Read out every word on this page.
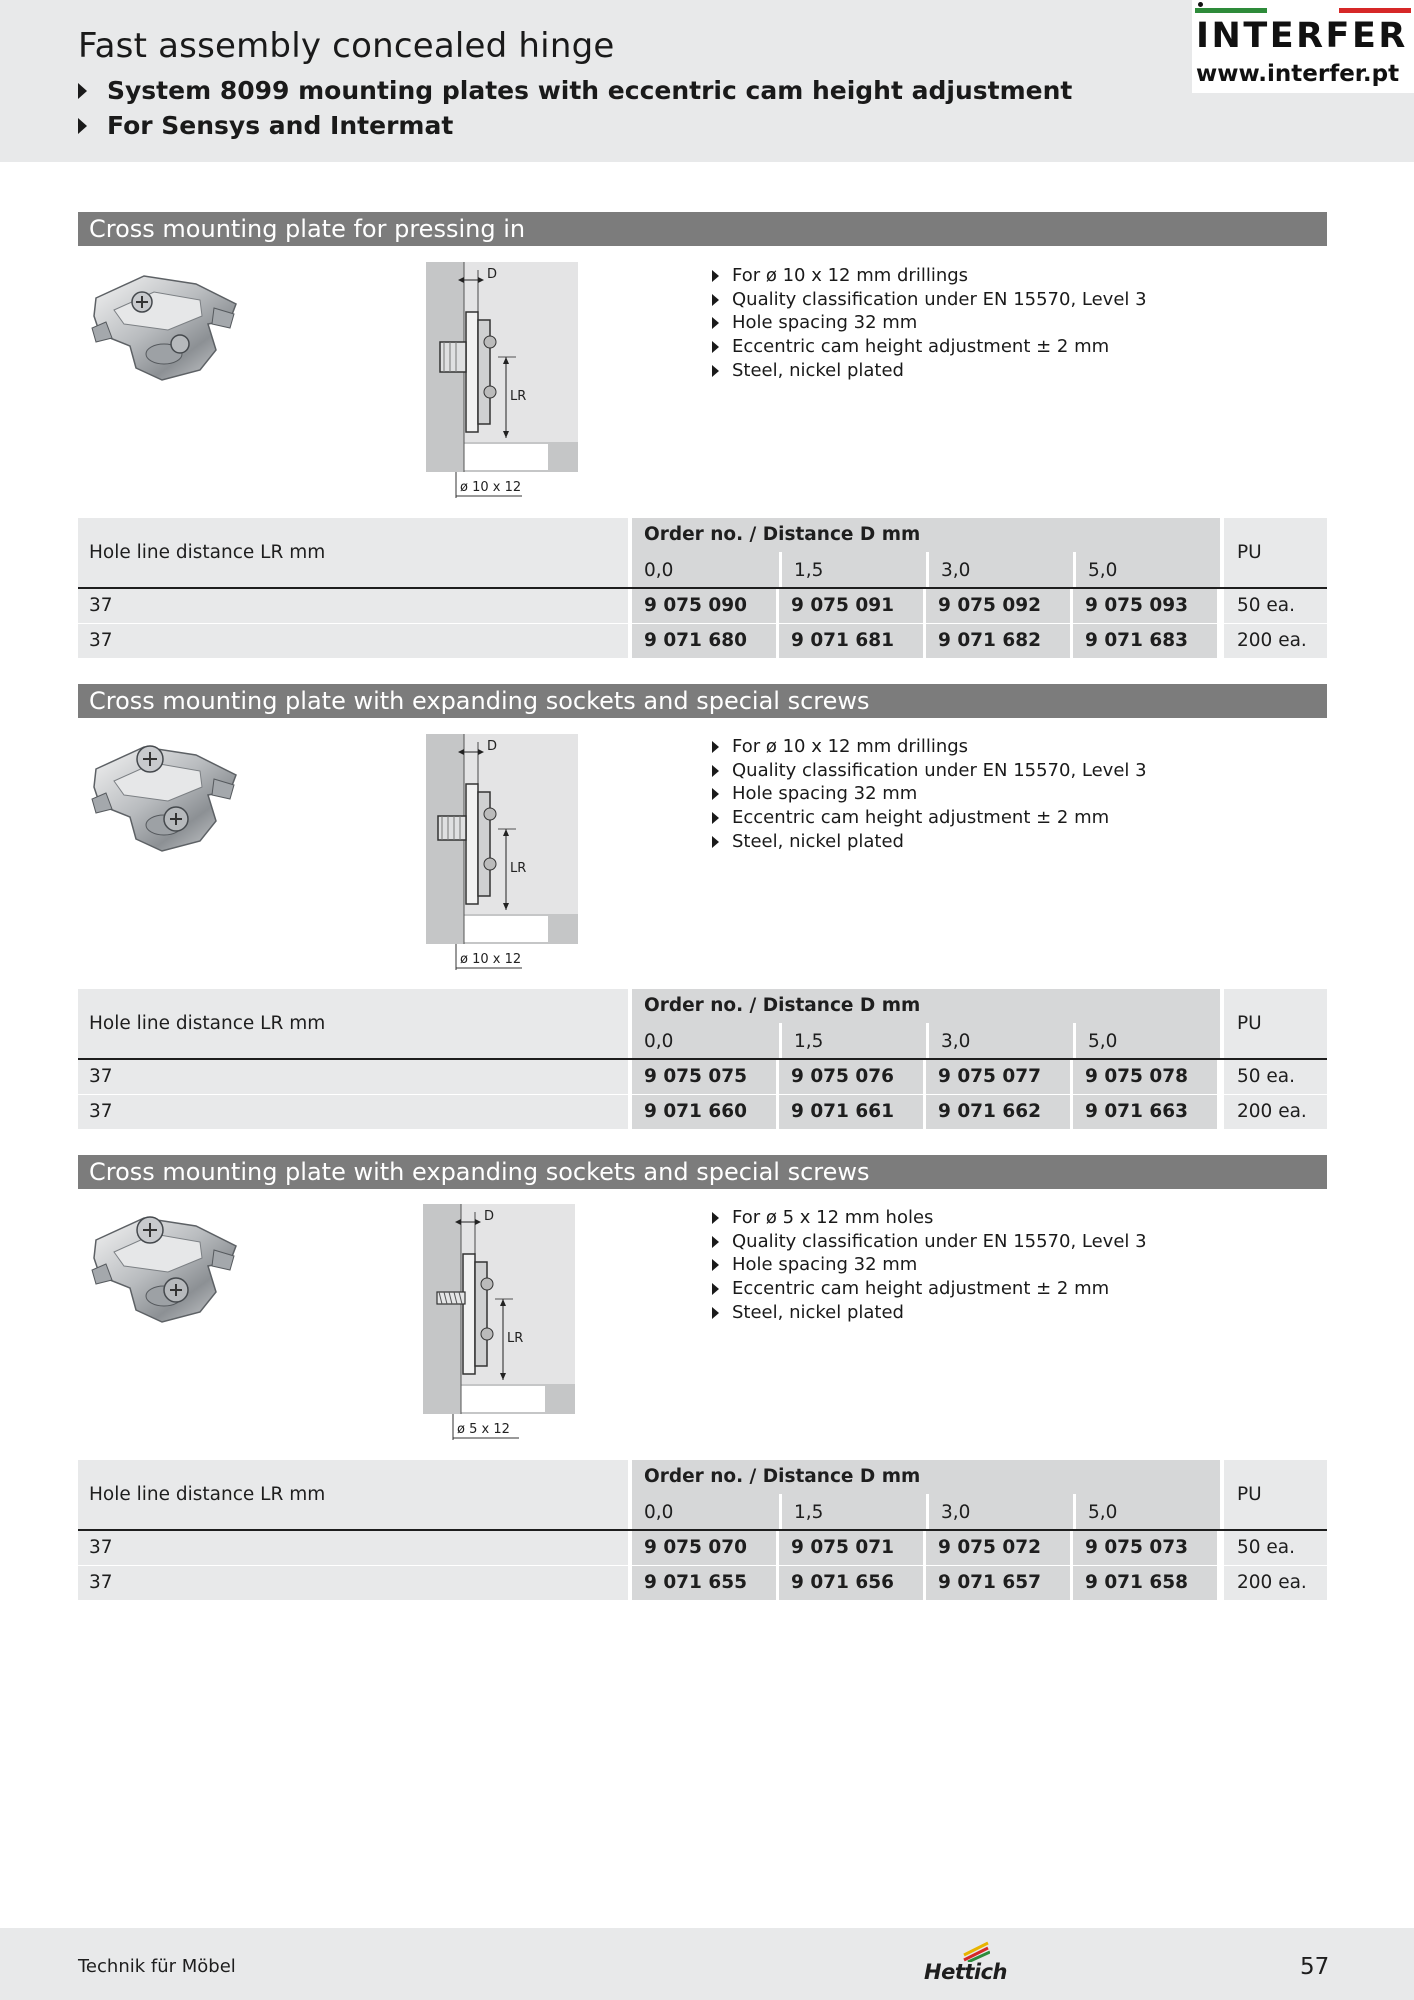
Fast assembly concealed hinge
System 8099 mounting plates with eccentric cam height adjustment
For Sensys and Intermat
INTERFER
www.interfer.pt
Cross mounting plate for pressing in
D
LR
ø 10 x 12
For ø 10 x 12 mm drillings
Quality classification under EN 15570, Level 3
Hole spacing 32 mm
Eccentric cam height adjustment ± 2 mm
Steel, nickel plated
Hole line distance LR mm
Order no. / Distance D mm
0,0	1,5	3,0	5,0
PU
37	9 075 090	9 075 091	9 075 092	9 075 093	50 ea.
37	9 071 680	9 071 681	9 071 682	9 071 683	200 ea.
Cross mounting plate with expanding sockets and special screws
D
LR
ø 10 x 12
For ø 10 x 12 mm drillings
Quality classification under EN 15570, Level 3
Hole spacing 32 mm
Eccentric cam height adjustment ± 2 mm
Steel, nickel plated
Hole line distance LR mm
Order no. / Distance D mm
0,0	1,5	3,0	5,0
PU
37	9 075 075	9 075 076	9 075 077	9 075 078	50 ea.
37	9 071 660	9 071 661	9 071 662	9 071 663	200 ea.
Cross mounting plate with expanding sockets and special screws
D
LR
ø 5 x 12
For ø 5 x 12 mm holes
Quality classification under EN 15570, Level 3
Hole spacing 32 mm
Eccentric cam height adjustment ± 2 mm
Steel, nickel plated
Hole line distance LR mm
Order no. / Distance D mm
0,0	1,5	3,0	5,0
PU
37	9 075 070	9 075 071	9 075 072	9 075 073	50 ea.
37	9 071 655	9 071 656	9 071 657	9 071 658	200 ea.
Technik für Möbel	Hettich	57
